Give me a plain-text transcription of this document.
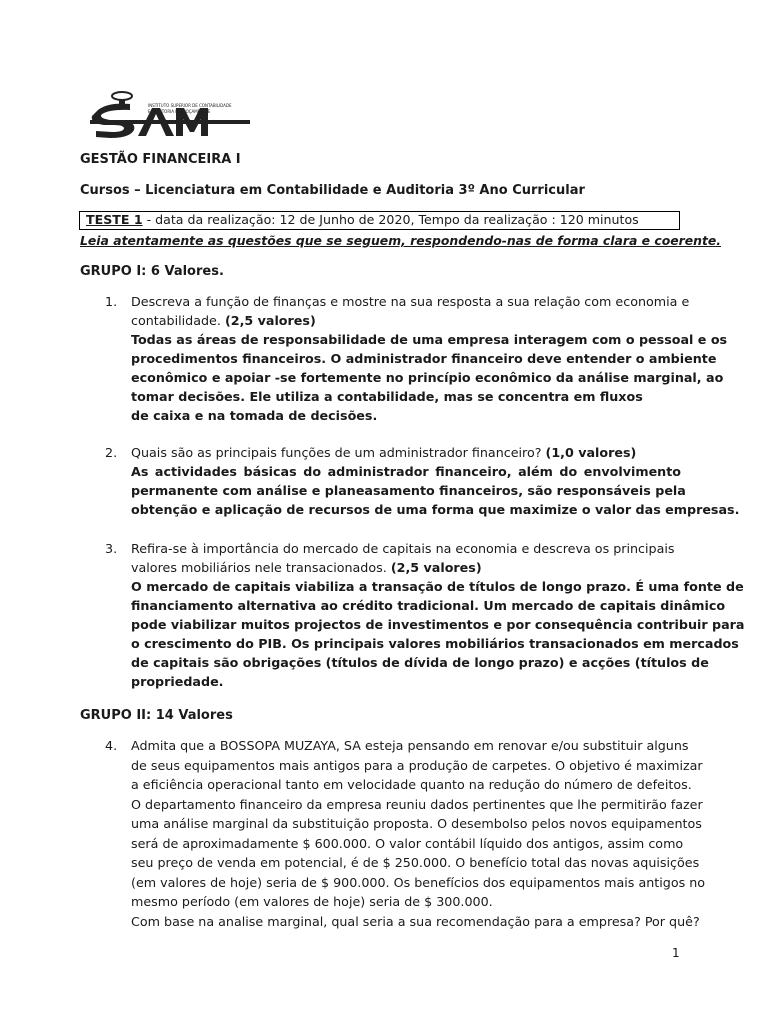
INSTITUTO SUPERIOR DE CONTABILIDADE
E AUDITORIA DE MOÇAMBIQUE
ISCAM
GESTÃO FINANCEIRA I
Cursos – Licenciatura em Contabilidade e Auditoria 3º Ano Curricular
TESTE 1 - data da realização: 12 de Junho de 2020, Tempo da realização : 120 minutos
Leia atentamente as questões que se seguem, respondendo-nas de forma clara e coerente.
GRUPO I: 6 Valores.
1. Descreva a função de finanças e mostre na sua resposta a sua relação com economia e
contabilidade. (2,5 valores)
Todas as áreas de responsabilidade de uma empresa interagem com o pessoal e os
procedimentos financeiros. O administrador financeiro deve entender o ambiente
econômico e apoiar -se fortemente no princípio econômico da análise marginal, ao
tomar decisões. Ele utiliza a contabilidade, mas se concentra em fluxos
de caixa e na tomada de decisões.
2. Quais são as principais funções de um administrador financeiro? (1,0 valores)
As actividades básicas do administrador financeiro, além do envolvimento
permanente com análise e planeasamento financeiros, são responsáveis pela
obtenção e aplicação de recursos de uma forma que maximize o valor das empresas.
3. Refira-se à importância do mercado de capitais na economia e descreva os principais
valores mobiliários nele transacionados. (2,5 valores)
O mercado de capitais viabiliza a transação de títulos de longo prazo. É uma fonte de
financiamento alternativa ao crédito tradicional. Um mercado de capitais dinâmico
pode viabilizar muitos projectos de investimentos e por consequência contribuir para
o crescimento do PIB. Os principais valores mobiliários transacionados em mercados
de capitais são obrigações (títulos de dívida de longo prazo) e acções (títulos de
propriedade.
GRUPO II: 14 Valores
4. Admita que a BOSSOPA MUZAYA, SA esteja pensando em renovar e/ou substituir alguns
de seus equipamentos mais antigos para a produção de carpetes. O objetivo é maximizar
a eficiência operacional tanto em velocidade quanto na redução do número de defeitos.
O departamento financeiro da empresa reuniu dados pertinentes que lhe permitirão fazer
uma análise marginal da substituição proposta. O desembolso pelos novos equipamentos
será de aproximadamente $ 600.000. O valor contábil líquido dos antigos, assim como
seu preço de venda em potencial, é de $ 250.000. O benefício total das novas aquisições
(em valores de hoje) seria de $ 900.000. Os benefícios dos equipamentos mais antigos no
mesmo período (em valores de hoje) seria de $ 300.000.
Com base na analise marginal, qual seria a sua recomendação para a empresa? Por quê?
1
